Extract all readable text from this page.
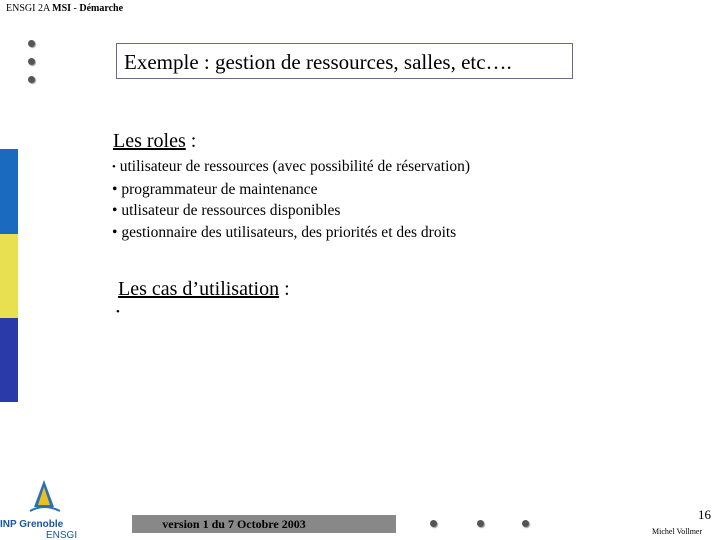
ENSGI 2A MSI - Démarche
Exemple : gestion de ressources, salles, etc….
Les roles :
• utilisateur de ressources (avec possibilité de réservation)
• programmateur de maintenance
• utlisateur de ressources disponibles
• gestionnaire des utilisateurs, des priorités et des droits
Les cas d’utilisation :
•
INP Grenoble
ENSGI
version 1 du 7 Octobre 2003
16
Michel Vollmer
